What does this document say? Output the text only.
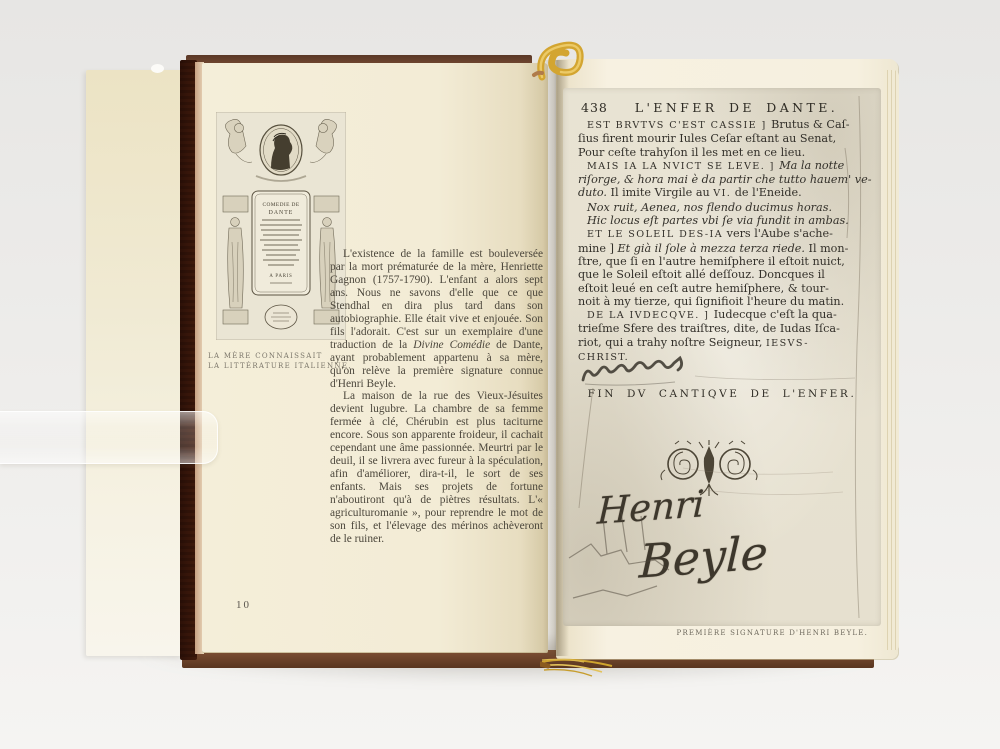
COMEDIE DE
DANTE
A PARIS
LA MÈRE CONNAISSAIT
LA LITTÉRATURE ITALIENNE.

L'existence de la famille est bouleversée par la mort prématurée de la mère, Henriette Gagnon (1757-1790). L'enfant a alors sept ans. Nous ne savons d'elle que ce que Stendhal en dira plus tard dans son autobiographie. Elle était vive et enjouée. Son fils l'adorait. C'est sur un exemplaire d'une traduction de la Divine Comédie de Dante, ayant probablement appartenu à sa mère, qu'on relève la première signature connue d'Henri Beyle.

La maison de la rue des Vieux-Jésuites devient lugubre. La chambre de sa femme fermée à clé, Chérubin est plus taciturne encore. Sous son apparente froideur, il cachait cependant une âme passionnée. Meurtri par le deuil, il se livrera avec fureur à la spéculation, afin d'améliorer, dira-t-il, le sort de ses enfants. Mais ses projets de fortune n'aboutiront qu'à de piètres résultats. L'« agriculturomanie », pour reprendre le mot de son fils, et l'élevage des mérinos achèveront de le ruiner.

10
438	L'ENFER DE DANTE.
EST BRVTVS C'EST CASSIE ] Brutus & Caſ-
ſius firent mourir Iules Ceſar eſtant au Senat,
Pour ceſte trahyſon il les met en ce lieu.
MAIS IA LA NVICT SE LEVE. ] Ma la notte
riſorge, & hora mai è da partir che tutto hauem' ve-
duto. Il imite Virgile au VI. de l'Eneide.
Nox ruit, Aenea, nos flendo ducimus horas.
Hic locus eſt partes vbi ſe via fundit in ambas.
ET LE SOLEIL DES-IA vers l'Aube s'ache-
mine ] Et già il ſole à mezza terza riede. Il mon-
ſtre, que ſi en l'autre hemiſphere il eſtoit nuict,
que le Soleil eſtoit allé deſſouz. Doncques il
eſtoit leué en ceſt autre hemiſphere, & tour-
noit à my tierze, qui ſignifioit l'heure du matin.
DE LA IVDECQVE. ] Iudecque c'eſt la qua-
trieſme Sfere des traiſtres, dite, de Iudas Iſca-
riot, qui a trahy noſtre Seigneur, IESVS-
CHRIST.
FIN DV CANTIQVE DE L'ENFER.
Henri
Beyle
PREMIÈRE SIGNATURE D'HENRI BEYLE.
